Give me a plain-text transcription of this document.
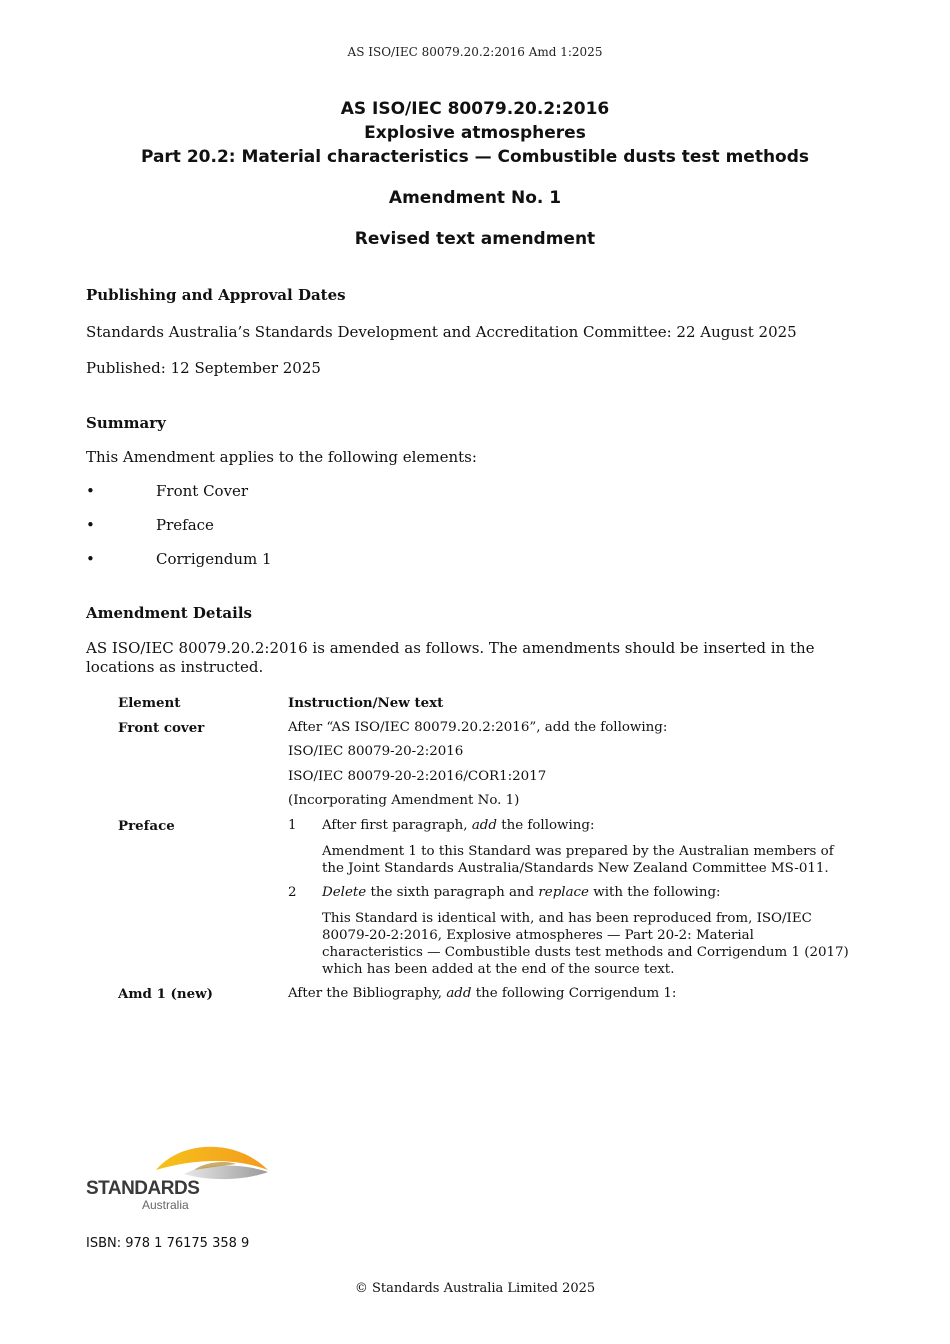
AS ISO/IEC 80079.20.2:2016 Amd 1:2025
AS ISO/IEC 80079.20.2:2016
Explosive atmospheres
Part 20.2: Material characteristics — Combustible dusts test methods
Amendment No. 1
Revised text amendment
Publishing and Approval Dates
Standards Australia’s Standards Development and Accreditation Committee: 22 August 2025
Published: 12 September 2025
Summary
This Amendment applies to the following elements:
•	Front Cover
•	Preface
•	Corrigendum 1
Amendment Details
AS ISO/IEC 80079.20.2:2016 is amended as follows. The amendments should be inserted in the locations as instructed.
Element	Instruction/New text
Front cover	After “AS ISO/IEC 80079.20.2:2016”, add the following:
ISO/IEC 80079-20-2:2016
ISO/IEC 80079-20-2:2016/COR1:2017
(Incorporating Amendment No. 1)
Preface	1 After first paragraph, add the following:
Amendment 1 to this Standard was prepared by the Australian members of the Joint Standards Australia/Standards New Zealand Committee MS-011.
2 Delete the sixth paragraph and replace with the following:
This Standard is identical with, and has been reproduced from, ISO/IEC 80079-20-2:2016, Explosive atmospheres — Part 20-2: Material characteristics — Combustible dusts test methods and Corrigendum 1 (2017) which has been added at the end of the source text.
Amd 1 (new)	After the Bibliography, add the following Corrigendum 1:
STANDARDS
Australia
ISBN: 978 1 76175 358 9
© Standards Australia Limited 2025
